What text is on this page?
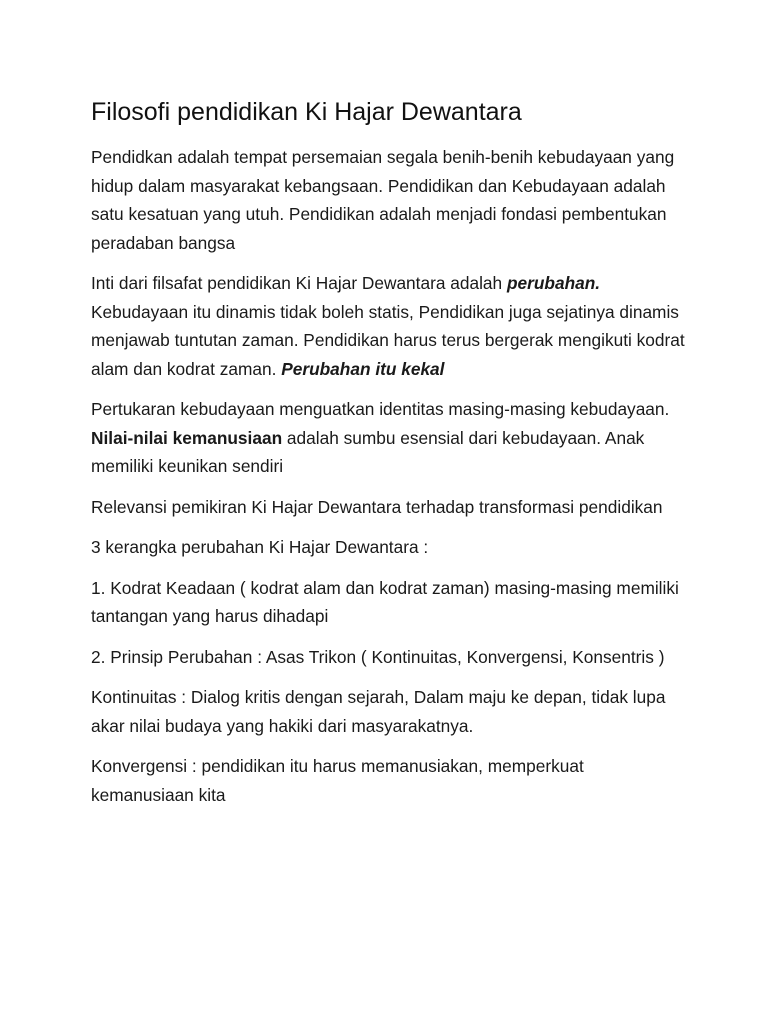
Filosofi pendidikan Ki Hajar Dewantara

Pendidkan adalah tempat persemaian segala benih-benih kebudayaan yang hidup dalam masyarakat kebangsaan. Pendidikan dan Kebudayaan adalah satu kesatuan yang utuh. Pendidikan adalah menjadi fondasi pembentukan peradaban bangsa

Inti dari filsafat pendidikan Ki Hajar Dewantara adalah perubahan. Kebudayaan itu dinamis tidak boleh statis, Pendidikan juga sejatinya dinamis menjawab tuntutan zaman. Pendidikan harus terus bergerak mengikuti kodrat alam dan kodrat zaman. Perubahan itu kekal

Pertukaran kebudayaan menguatkan identitas masing-masing kebudayaan. Nilai-nilai kemanusiaan adalah sumbu esensial dari kebudayaan. Anak memiliki keunikan sendiri

Relevansi pemikiran Ki Hajar Dewantara terhadap transformasi pendidikan

3 kerangka perubahan Ki Hajar Dewantara :

1. Kodrat Keadaan ( kodrat alam dan kodrat zaman) masing-masing memiliki tantangan yang harus dihadapi

2. Prinsip Perubahan : Asas Trikon ( Kontinuitas, Konvergensi, Konsentris )

Kontinuitas : Dialog kritis dengan sejarah, Dalam maju ke depan, tidak lupa akar nilai budaya yang hakiki dari masyarakatnya.

Konvergensi : pendidikan itu harus memanusiakan, memperkuat kemanusiaan kita
